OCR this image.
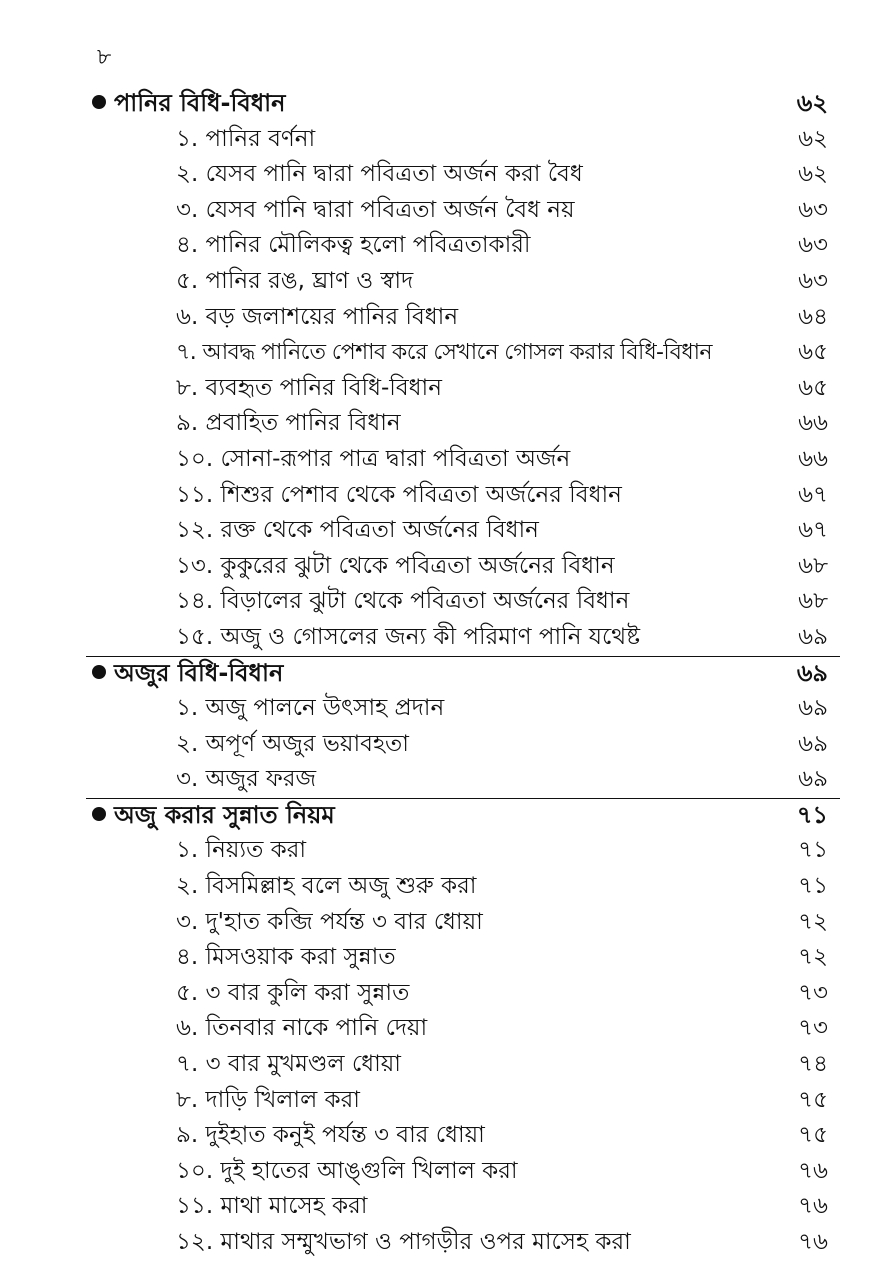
৮
পানির বিধি-বিধান	৬২
১. পানির বর্ণনা	৬২
২. যেসব পানি দ্বারা পবিত্রতা অর্জন করা বৈধ	৬২
৩. যেসব পানি দ্বারা পবিত্রতা অর্জন বৈধ নয়	৬৩
৪. পানির মৌলিকত্ব হলো পবিত্রতাকারী	৬৩
৫. পানির রঙ, ঘ্রাণ ও স্বাদ	৬৩
৬. বড় জলাশয়ের পানির বিধান	৬৪
৭. আবদ্ধ পানিতে পেশাব করে সেখানে গোসল করার বিধি-বিধান	৬৫
৮. ব্যবহৃত পানির বিধি-বিধান	৬৫
৯. প্রবাহিত পানির বিধান	৬৬
১০. সোনা-রূপার পাত্র দ্বারা পবিত্রতা অর্জন	৬৬
১১. শিশুর পেশাব থেকে পবিত্রতা অর্জনের বিধান	৬৭
১২. রক্ত থেকে পবিত্রতা অর্জনের বিধান	৬৭
১৩. কুকুরের ঝুটা থেকে পবিত্রতা অর্জনের বিধান	৬৮
১৪. বিড়ালের ঝুটা থেকে পবিত্রতা অর্জনের বিধান	৬৮
১৫. অজু ও গোসলের জন্য কী পরিমাণ পানি যথেষ্ট	৬৯
অজুর বিধি-বিধান	৬৯
১. অজু পালনে উৎসাহ প্রদান	৬৯
২. অপূর্ণ অজুর ভয়াবহতা	৬৯
৩. অজুর ফরজ	৬৯
অজু করার সুন্নাত নিয়ম	৭১
১. নিয়্যত করা	৭১
২. বিসমিল্লাহ বলে অজু শুরু করা	৭১
৩. দু'হাত কব্জি পর্যন্ত ৩ বার ধোয়া	৭২
৪. মিসওয়াক করা সুন্নাত	৭২
৫. ৩ বার কুলি করা সুন্নাত	৭৩
৬. তিনবার নাকে পানি দেয়া	৭৩
৭. ৩ বার মুখমণ্ডল ধোয়া	৭৪
৮. দাড়ি খিলাল করা	৭৫
৯. দুইহাত কনুই পর্যন্ত ৩ বার ধোয়া	৭৫
১০. দুই হাতের আঙ্গুলি খিলাল করা	৭৬
১১. মাথা মাসেহ করা	৭৬
১২. মাথার সম্মুখভাগ ও পাগড়ীর ওপর মাসেহ করা	৭৬
